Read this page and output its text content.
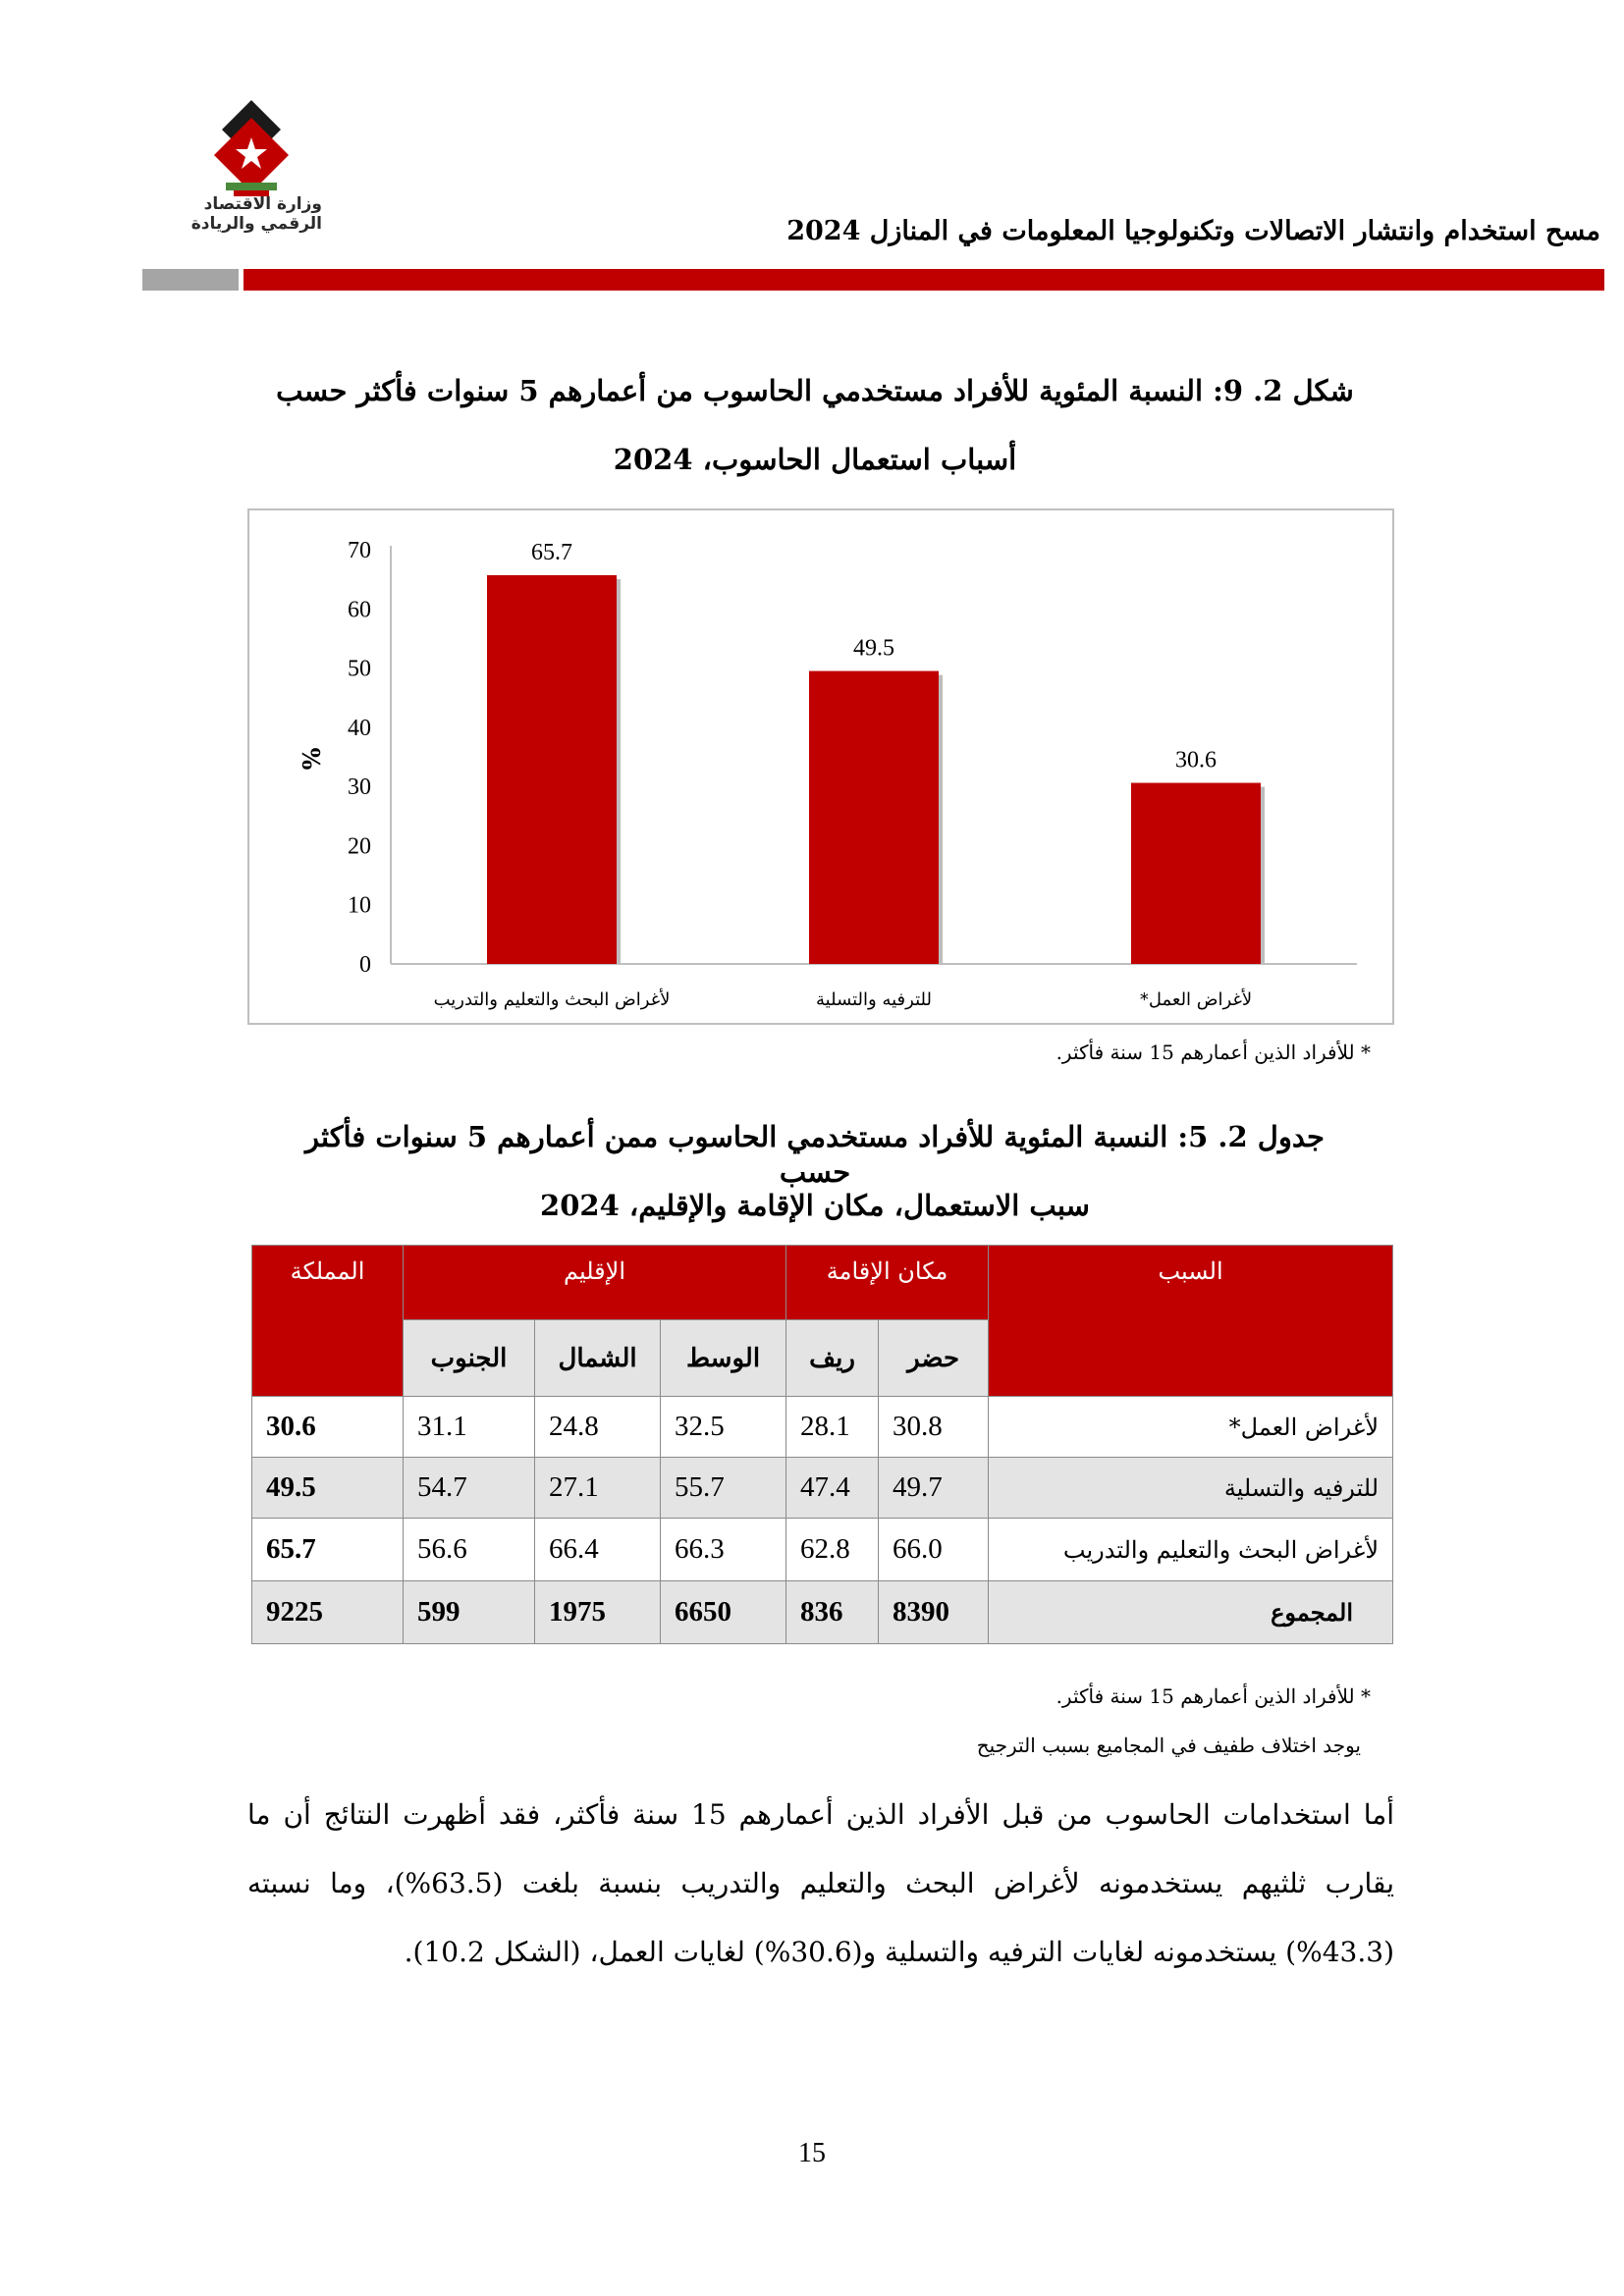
وزارة الاقتصاد
الرقمي والريادة	مسح استخدام وانتشار الاتصالات وتكنولوجيا المعلومات في المنازل 2024
شكل 2. 9: النسبة المئوية للأفراد مستخدمي الحاسوب من أعمارهم 5 سنوات فأكثر حسب
أسباب استعمال الحاسوب، 2024
0
10
20
30
40
50
60
70
%
65.7
لأغراض البحث والتعليم والتدريب
49.5
للترفيه والتسلية
30.6
لأغراض العمل*
* للأفراد الذين أعمارهم 15 سنة فأكثر.
جدول 2. 5: النسبة المئوية للأفراد مستخدمي الحاسوب ممن أعمارهم 5 سنوات فأكثر حسب
سبب الاستعمال، مكان الإقامة والإقليم، 2024
السبب	مكان الإقامة		الإقليم			المملكة
	حضر	ريف	الوسط	الشمال	الجنوب	
لأغراض العمل*	30.8	28.1	32.5	24.8	31.1	30.6
للترفيه والتسلية	49.7	47.4	55.7	27.1	54.7	49.5
لأغراض البحث والتعليم والتدريب	66.0	62.8	66.3	66.4	56.6	65.7
المجموع	8390	836	6650	1975	599	9225
* للأفراد الذين أعمارهم 15 سنة فأكثر.
يوجد اختلاف طفيف في المجاميع بسبب الترجيح
أما استخدامات الحاسوب من قبل الأفراد الذين أعمارهم 15 سنة فأكثر، فقد أظهرت النتائج أن ما يقارب ثلثيهم يستخدمونه لأغراض البحث والتعليم والتدريب بنسبة بلغت (63.5%)، وما نسبته (43.3%) يستخدمونه لغايات الترفيه والتسلية و(30.6%) لغايات العمل، (الشكل 10.2).
15
